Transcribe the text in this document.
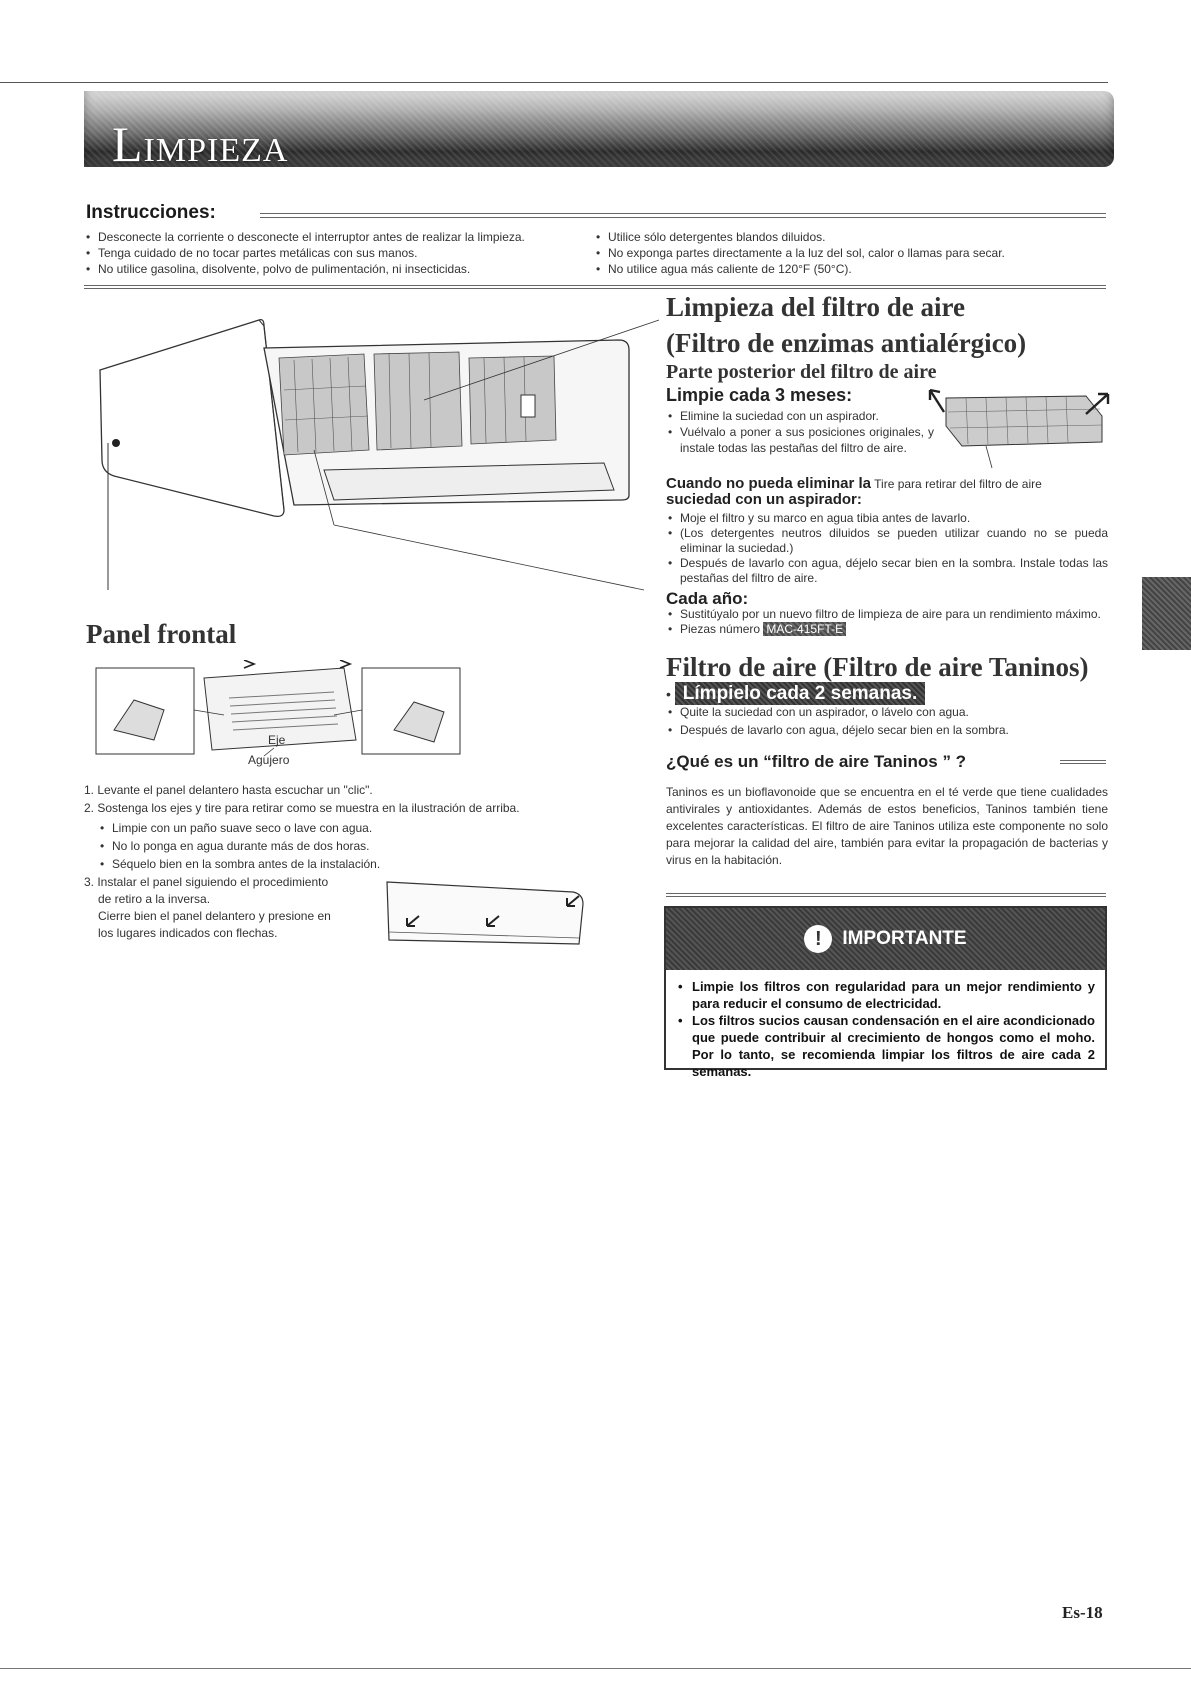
LIMPIEZA
Instrucciones:
• Desconecte la corriente o desconecte el interruptor antes de realizar la limpieza.
• Tenga cuidado de no tocar partes metálicas con sus manos.
• No utilice gasolina, disolvente, polvo de pulimentación, ni insecticidas.
• Utilice sólo detergentes blandos diluidos.
• No exponga partes directamente a la luz del sol, calor o llamas para secar.
• No utilice agua más caliente de 120°F (50°C).
Panel frontal
Eje
Agujero
1. Levante el panel delantero hasta escuchar un "clic".
2. Sostenga los ejes y tire para retirar como se muestra en la ilustración de arriba.
• Limpie con un paño suave seco o lave con agua.
• No lo ponga en agua durante más de dos horas.
• Séquelo bien en la sombra antes de la instalación.
3. Instalar el panel siguiendo el procedimiento
de retiro a la inversa.
Cierre bien el panel delantero y presione en
los lugares indicados con flechas.
Limpieza del filtro de aire
(Filtro de enzimas antialérgico)
Parte posterior del filtro de aire
Limpie cada 3 meses:
• Elimine la suciedad con un aspirador.
• Vuélvalo a poner a sus posiciones originales, y instale todas las pestañas del filtro de aire.
Cuando no pueda eliminar la Tire para retirar del filtro de aire
suciedad con un aspirador:
• Moje el filtro y su marco en agua tibia antes de lavarlo.
• (Los detergentes neutros diluidos se pueden utilizar cuando no se pueda eliminar la suciedad.)
• Después de lavarlo con agua, déjelo secar bien en la sombra. Instale todas las pestañas del filtro de aire.
Cada año:
• Sustitúyalo por un nuevo filtro de limpieza de aire para un rendimiento máximo.
• Piezas número MAC-415FT-E
Filtro de aire (Filtro de aire Taninos)
• Límpielo cada 2 semanas.
• Quite la suciedad con un aspirador, o lávelo con agua.
• Después de lavarlo con agua, déjelo secar bien en la sombra.
¿Qué es un “filtro de aire Taninos ” ?
Taninos es un bioflavonoide que se encuentra en el té verde que tiene cualidades antivirales y antioxidantes. Además de estos beneficios, Taninos también tiene excelentes características. El filtro de aire Taninos utiliza este componente no solo para mejorar la calidad del aire, también para evitar la propagación de bacterias y virus en la habitación.
!	IMPORTANTE
• Limpie los filtros con regularidad para un mejor rendimiento y para reducir el consumo de electricidad.
• Los filtros sucios causan condensación en el aire acondicionado que puede contribuir al crecimiento de hongos como el moho. Por lo tanto, se recomienda limpiar los filtros de aire cada 2 semanas.
Es-18
